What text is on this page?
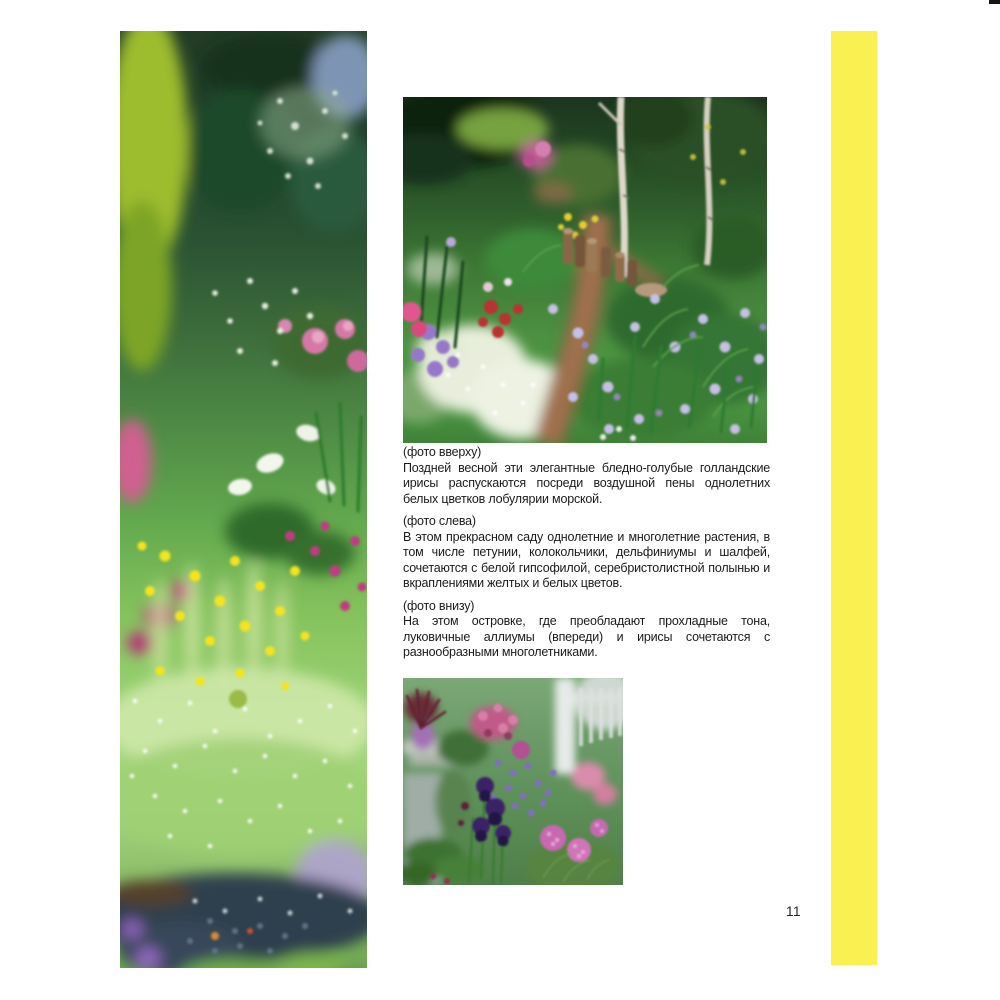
(фото вверху)

Поздней весной эти элегантные бледно-голубые голландские ирисы распускаются посреди воздушной пены однолетних белых цветков лобулярии морской.

(фото слева)

В этом прекрасном саду однолетние и многолетние растения, в том числе петунии, колокольчики, дельфиниумы и шалфей, сочетаются с белой гипсофилой, серебристолистной полынью и вкраплениями желтых и белых цветов.

(фото внизу)

На этом островке, где преобладают прохладные тона, луковичные аллиумы (впереди) и ирисы сочетаются с разнообразными многолетниками.

11
